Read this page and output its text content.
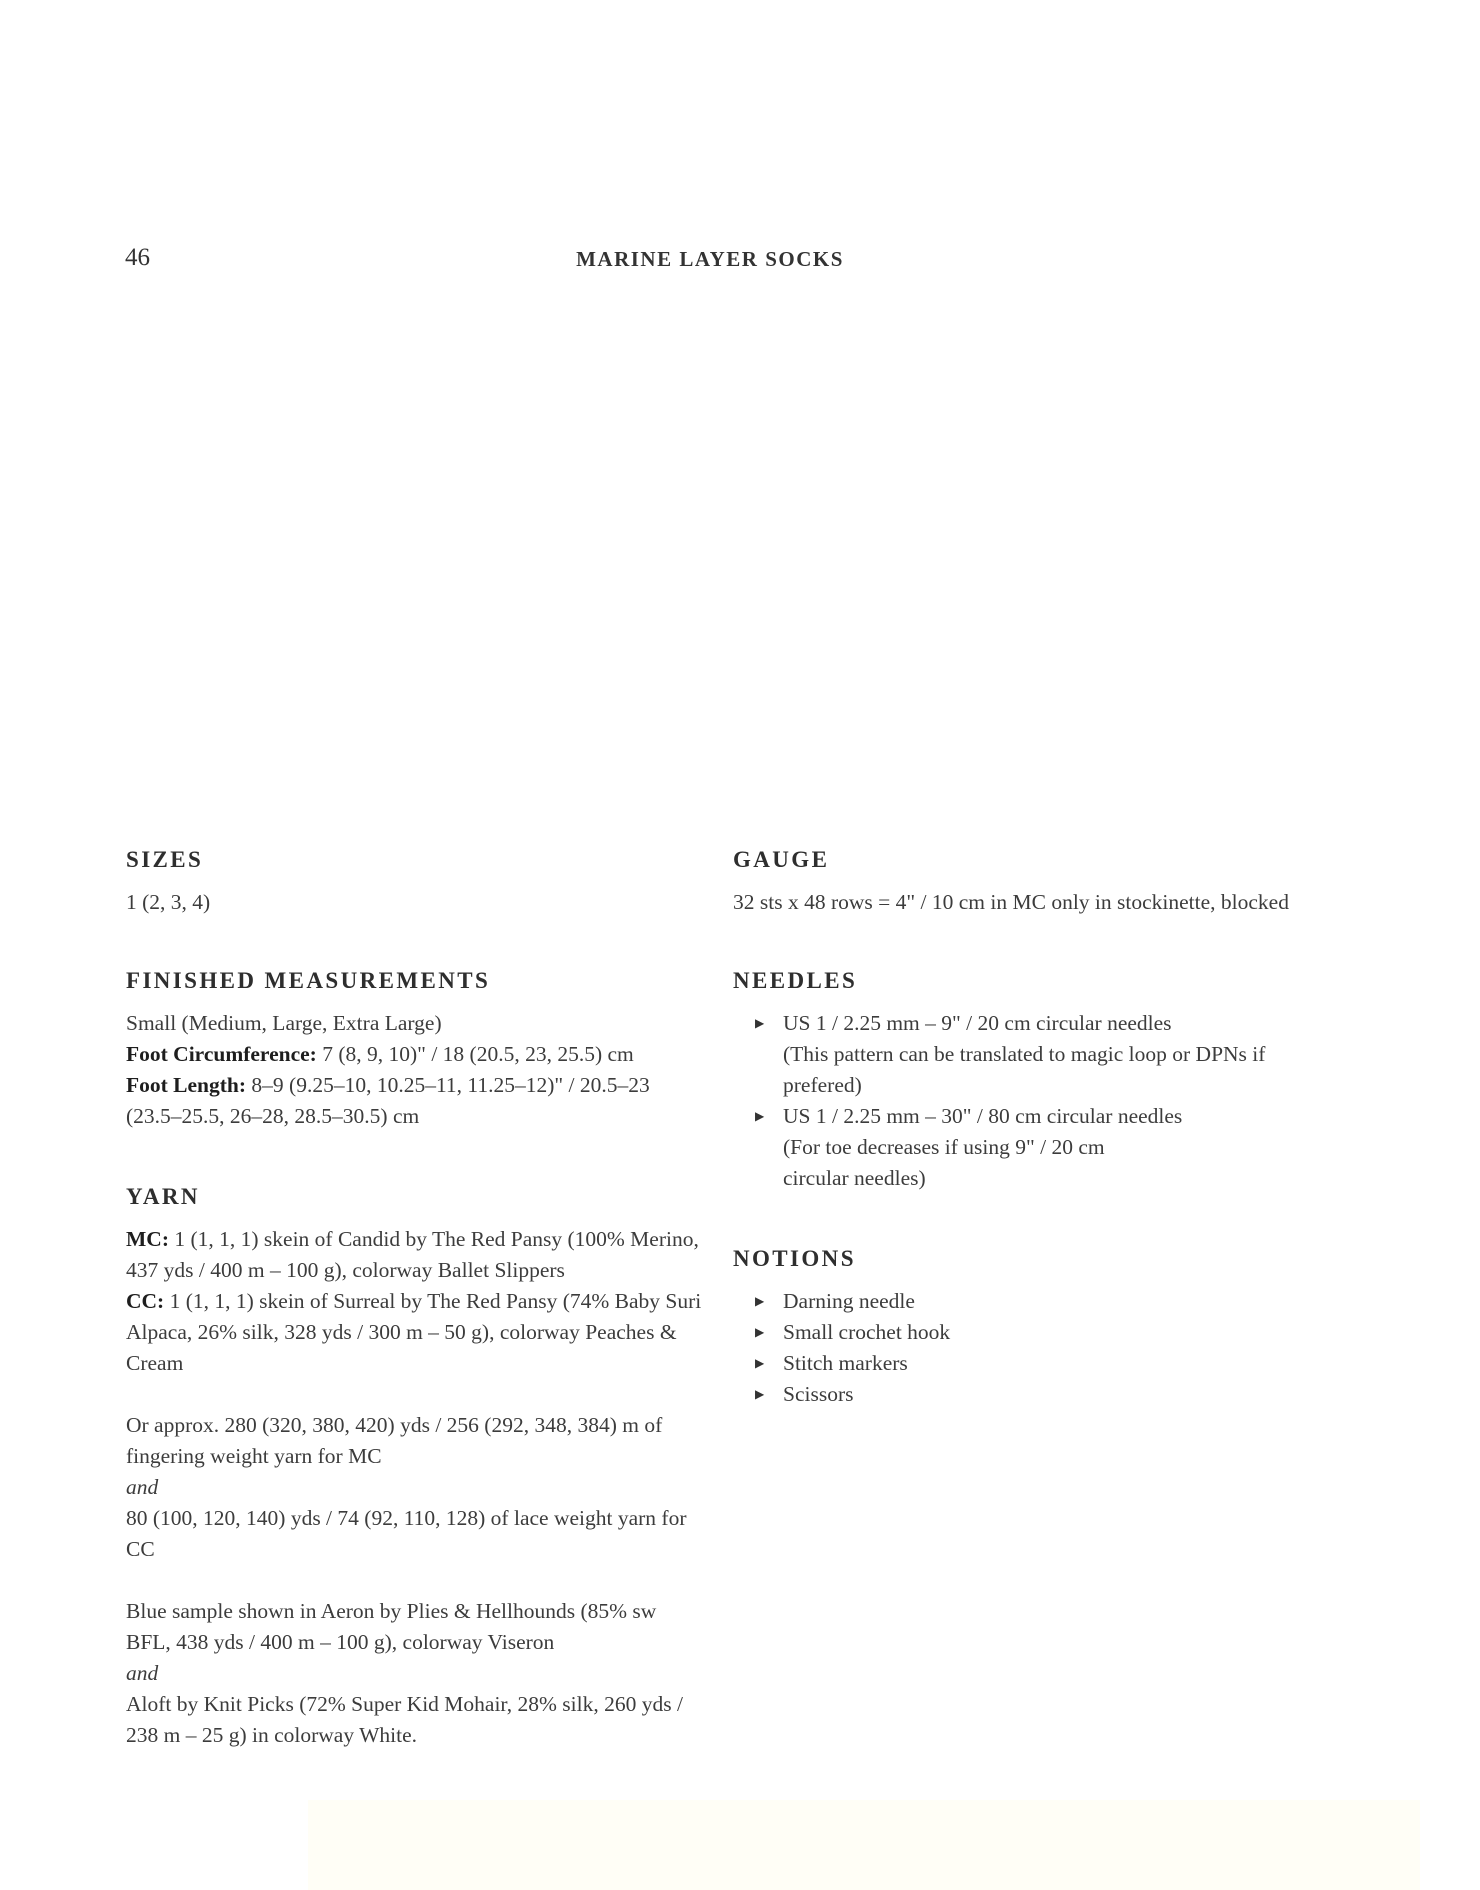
46	MARINE LAYER SOCKS
SIZES
1 (2, 3, 4)
FINISHED MEASUREMENTS

Small (Medium, Large, Extra Large)

Foot Circumference: 7 (8, 9, 10)" / 18 (20.5, 23, 25.5) cm

Foot Length: 8–9 (9.25–10, 10.25–11, 11.25–12)" / 20.5–23 (23.5–25.5, 26–28, 28.5–30.5) cm

YARN

MC: 1 (1, 1, 1) skein of Candid by The Red Pansy (100% Merino, 437 yds / 400 m – 100 g), colorway Ballet Slippers

CC: 1 (1, 1, 1) skein of Surreal by The Red Pansy (74% Baby Suri Alpaca, 26% silk, 328 yds / 300 m – 50 g), colorway Peaches & Cream

Or approx. 280 (320, 380, 420) yds / 256 (292, 348, 384) m of fingering weight yarn for MC

and

80 (100, 120, 140) yds / 74 (92, 110, 128) of lace weight yarn for CC

Blue sample shown in Aeron by Plies & Hellhounds (85% sw BFL, 438 yds / 400 m – 100 g), colorway Viseron

and

Aloft by Knit Picks (72% Super Kid Mohair, 28% silk, 260 yds / 238 m – 25 g) in colorway White.

GAUGE
32 sts x 48 rows = 4" / 10 cm in MC only in stockinette, blocked
NEEDLES
▶ US 1 / 2.25 mm – 9" / 20 cm circular needles
(This pattern can be translated to magic loop or DPNs if prefered)
▶ US 1 / 2.25 mm – 30" / 80 cm circular needles
(For toe decreases if using 9" / 20 cm circular needles)
NOTIONS
▶ Darning needle
▶ Small crochet hook
▶ Stitch markers
▶ Scissors
